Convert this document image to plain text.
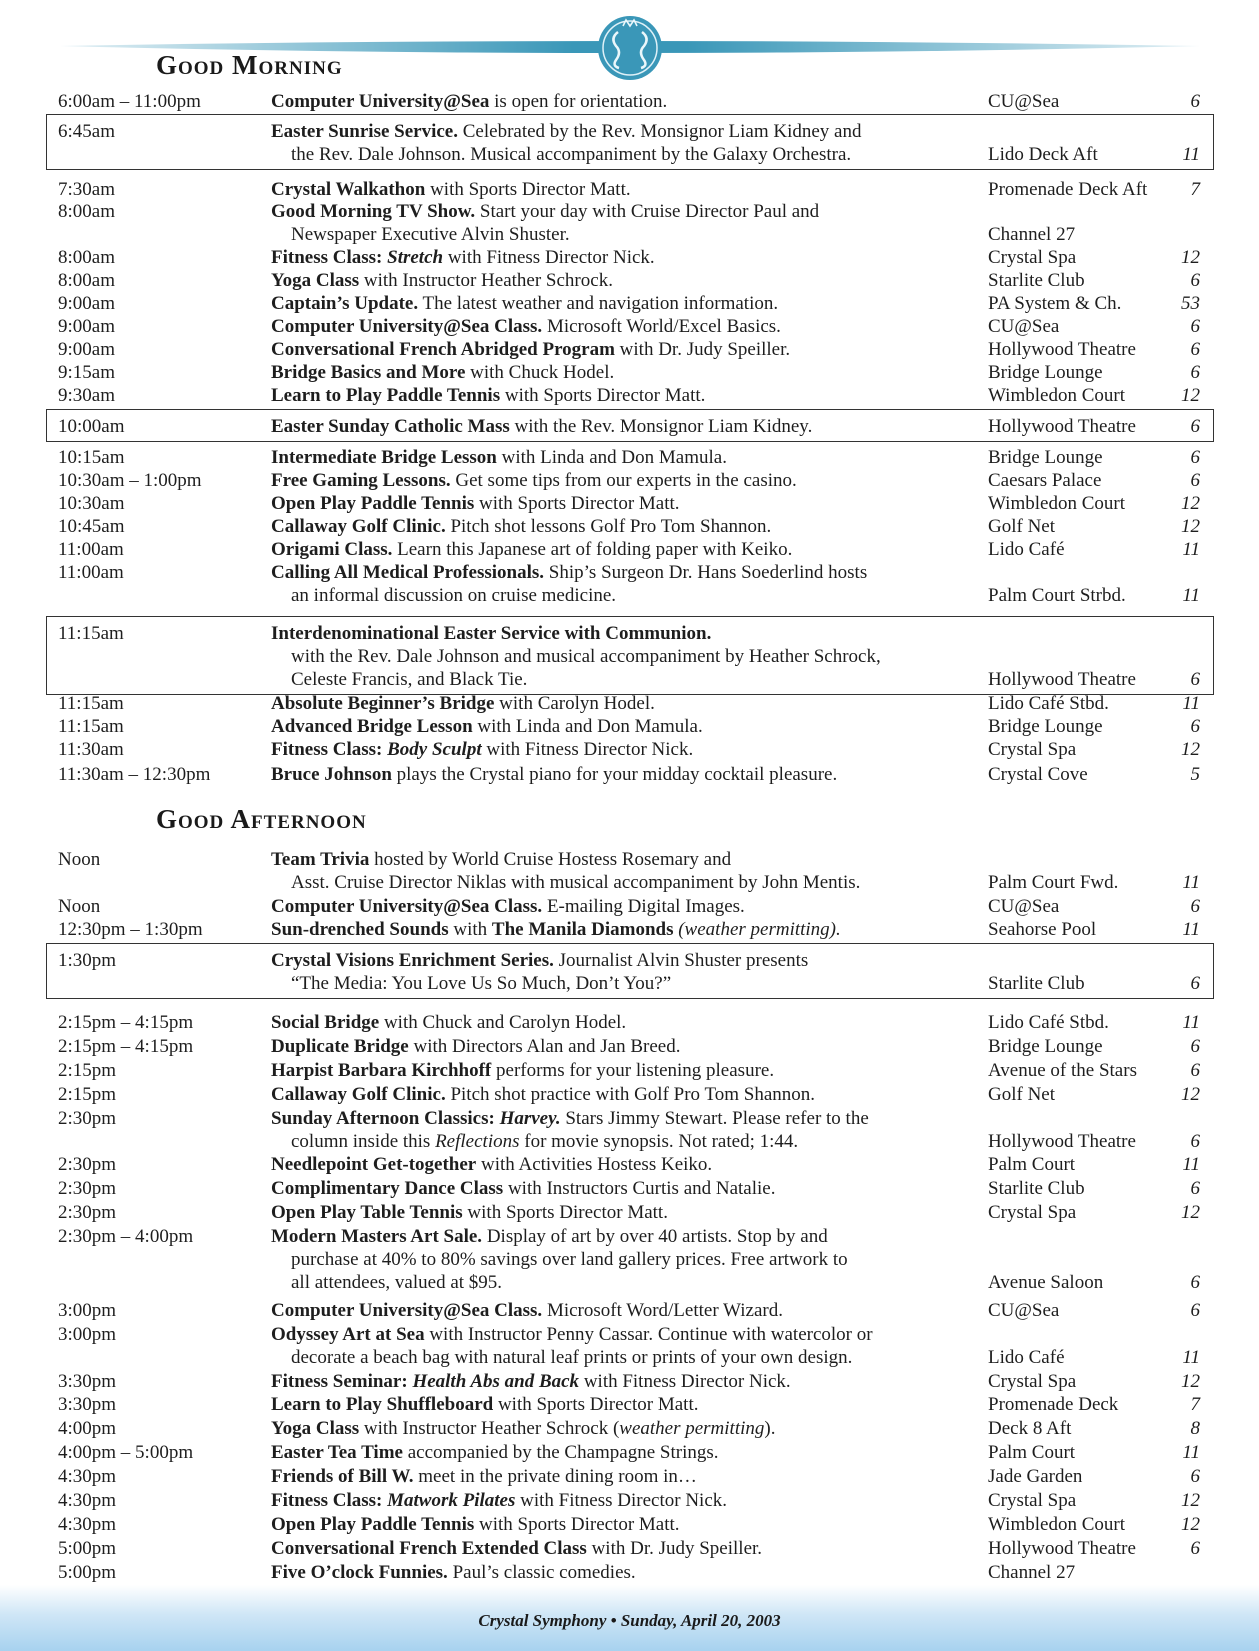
Good Morning
Good Afternoon
6:00am – 11:00pm	Computer University@Sea is open for orientation.	CU@Sea	6
6:45am	Easter Sunrise Service. Celebrated by the Rev. Monsignor Liam Kidney and
the Rev. Dale Johnson. Musical accompaniment by the Galaxy Orchestra.	Lido Deck Aft	11
7:30am	Crystal Walkathon with Sports Director Matt.	Promenade Deck Aft	7
8:00am	Good Morning TV Show. Start your day with Cruise Director Paul and
Newspaper Executive Alvin Shuster.	Channel 27
8:00am	Fitness Class: Stretch with Fitness Director Nick.	Crystal Spa	12
8:00am	Yoga Class with Instructor Heather Schrock.	Starlite Club	6
9:00am	Captain’s Update. The latest weather and navigation information.	PA System & Ch.	53
9:00am	Computer University@Sea Class. Microsoft World/Excel Basics.	CU@Sea	6
9:00am	Conversational French Abridged Program with Dr. Judy Speiller.	Hollywood Theatre	6
9:15am	Bridge Basics and More with Chuck Hodel.	Bridge Lounge	6
9:30am	Learn to Play Paddle Tennis with Sports Director Matt.	Wimbledon Court	12
10:00am	Easter Sunday Catholic Mass with the Rev. Monsignor Liam Kidney.	Hollywood Theatre	6
10:15am	Intermediate Bridge Lesson with Linda and Don Mamula.	Bridge Lounge	6
10:30am – 1:00pm	Free Gaming Lessons. Get some tips from our experts in the casino.	Caesars Palace	6
10:30am	Open Play Paddle Tennis with Sports Director Matt.	Wimbledon Court	12
10:45am	Callaway Golf Clinic. Pitch shot lessons Golf Pro Tom Shannon.	Golf Net	12
11:00am	Origami Class. Learn this Japanese art of folding paper with Keiko.	Lido Café	11
11:00am	Calling All Medical Professionals. Ship’s Surgeon Dr. Hans Soederlind hosts
an informal discussion on cruise medicine.	Palm Court Strbd.	11
11:15am	Interdenominational Easter Service with Communion.
with the Rev. Dale Johnson and musical accompaniment by Heather Schrock,
Celeste Francis, and Black Tie.	Hollywood Theatre	6
11:15am	Absolute Beginner’s Bridge with Carolyn Hodel.	Lido Café Stbd.	11
11:15am	Advanced Bridge Lesson with Linda and Don Mamula.	Bridge Lounge	6
11:30am	Fitness Class: Body Sculpt with Fitness Director Nick.	Crystal Spa	12
11:30am – 12:30pm	Bruce Johnson plays the Crystal piano for your midday cocktail pleasure.	Crystal Cove	5
Noon	Team Trivia hosted by World Cruise Hostess Rosemary and
Asst. Cruise Director Niklas with musical accompaniment by John Mentis.	Palm Court Fwd.	11
Noon	Computer University@Sea Class. E-mailing Digital Images.	CU@Sea	6
12:30pm – 1:30pm	Sun-drenched Sounds with The Manila Diamonds (weather permitting).	Seahorse Pool	11
1:30pm	Crystal Visions Enrichment Series. Journalist Alvin Shuster presents
“The Media: You Love Us So Much, Don’t You?”	Starlite Club	6
2:15pm – 4:15pm	Social Bridge with Chuck and Carolyn Hodel.	Lido Café Stbd.	11
2:15pm – 4:15pm	Duplicate Bridge with Directors Alan and Jan Breed.	Bridge Lounge	6
2:15pm	Harpist Barbara Kirchhoff performs for your listening pleasure.	Avenue of the Stars	6
2:15pm	Callaway Golf Clinic. Pitch shot practice with Golf Pro Tom Shannon.	Golf Net	12
2:30pm	Sunday Afternoon Classics: Harvey. Stars Jimmy Stewart. Please refer to the
column inside this Reflections for movie synopsis. Not rated; 1:44.	Hollywood Theatre	6
2:30pm	Needlepoint Get-together with Activities Hostess Keiko.	Palm Court	11
2:30pm	Complimentary Dance Class with Instructors Curtis and Natalie.	Starlite Club	6
2:30pm	Open Play Table Tennis with Sports Director Matt.	Crystal Spa	12
2:30pm – 4:00pm	Modern Masters Art Sale. Display of art by over 40 artists. Stop by and
purchase at 40% to 80% savings over land gallery prices. Free artwork to
all attendees, valued at $95.	Avenue Saloon	6
3:00pm	Computer University@Sea Class. Microsoft Word/Letter Wizard.	CU@Sea	6
3:00pm	Odyssey Art at Sea with Instructor Penny Cassar. Continue with watercolor or
decorate a beach bag with natural leaf prints or prints of your own design.	Lido Café	11
3:30pm	Fitness Seminar: Health Abs and Back with Fitness Director Nick.	Crystal Spa	12
3:30pm	Learn to Play Shuffleboard with Sports Director Matt.	Promenade Deck	7
4:00pm	Yoga Class with Instructor Heather Schrock (weather permitting).	Deck 8 Aft	8
4:00pm – 5:00pm	Easter Tea Time accompanied by the Champagne Strings.	Palm Court	11
4:30pm	Friends of Bill W. meet in the private dining room in…	Jade Garden	6
4:30pm	Fitness Class: Matwork Pilates with Fitness Director Nick.	Crystal Spa	12
4:30pm	Open Play Paddle Tennis with Sports Director Matt.	Wimbledon Court	12
5:00pm	Conversational French Extended Class with Dr. Judy Speiller.	Hollywood Theatre	6
5:00pm	Five O’clock Funnies. Paul’s classic comedies.	Channel 27
Crystal Symphony • Sunday, April 20, 2003
